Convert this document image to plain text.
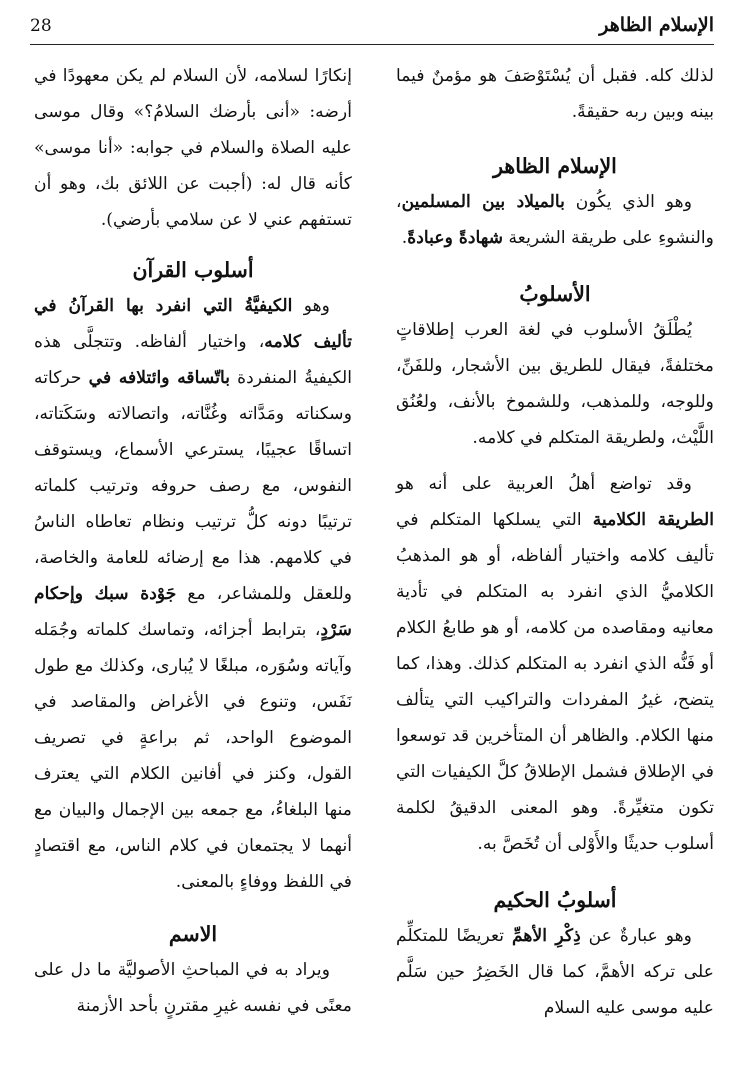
28	الإسلام الظاهر

لذلك كله. فقبل أن يُسْتَوْصَفَ هو مؤمنٌ فيما بينه وبين ربه حقيقةً.

الإسلام الظاهر

وهو الذي يكُون بالميلاد بين المسلمين، والنشوءِ على طريقة الشريعة شهادةً وعبادةً.

الأسلوبُ

يُطْلَقُ الأسلوب في لغة العرب إطلاقاتٍ مختلفةً، فيقال للطريق بين الأشجار، وللفَنِّ، وللوجه، وللمذهب، وللشموخ بالأنف، ولعُنُق اللَّيْث، ولطريقة المتكلم في كلامه.

وقد تواضع أهلُ العربية على أنه هو الطريقة الكلامية التي يسلكها المتكلم في تأليف كلامه واختيار ألفاظه، أو هو المذهبُ الكلاميُّ الذي انفرد به المتكلم في تأدية معانيه ومقاصده من كلامه، أو هو طابعُ الكلام أو فَنُّه الذي انفرد به المتكلم كذلك. وهذا، كما يتضح، غيرُ المفردات والتراكيب التي يتألف منها الكلام. والظاهر أن المتأخرين قد توسعوا في الإطلاق فشمل الإطلاقُ كلَّ الكيفيات التي تكون متغيِّرةً. وهو المعنى الدقيقُ لكلمة أسلوب حديثًا والأَوْلى أن تُخَصَّ به.

أسلوبُ الحكيم

وهو عبارةٌ عن ذِكْرِ الأهمِّ تعريضًا للمتكلِّم على تركه الأهمَّ، كما قال الخَضِرُ حين سَلَّم عليه موسى عليه السلام

إنكارًا لسلامه، لأن السلام لم يكن معهودًا في أرضه: «أنى بأرضك السلامُ؟» وقال موسى عليه الصلاة والسلام في جوابه: «أنا موسى» كأنه قال له: (أجبت عن اللائق بك، وهو أن تستفهم عني لا عن سلامي بأرضي).

أسلوب القرآن

وهو الكيفيَّةُ التي انفرد بها القرآنُ في تأليف كلامه، واختيار ألفاظه. وتتجلَّى هذه الكيفيةُ المنفردة باتّساقه وائتلافه في حركاته وسكناته ومَدَّاته وغُنَّاته، واتصالاته وسَكَتاته، اتساقًا عجيبًا، يسترعي الأسماع، ويستوقف النفوس، مع رصف حروفه وترتيب كلماته ترتيبًا دونه كلُّ ترتيب ونظام تعاطاه الناسُ في كلامهم. هذا مع إرضائه للعامة والخاصة، وللعقل وللمشاعر، مع جَوْدة سبك وإحكام سَرْدٍ، بترابط أجزائه، وتماسك كلماته وجُمَله وآياته وسُوَره، مبلغًا لا يُبارى، وكذلك مع طول نَفَس، وتنوع في الأغراض والمقاصد في الموضوع الواحد، ثم براعةٍ في تصريف القول، وكنز في أفانين الكلام التي يعترف منها البلغاءُ، مع جمعه بين الإجمال والبيان مع أنهما لا يجتمعان في كلام الناس، مع اقتصادٍ في اللفظ ووفاءٍ بالمعنى.

الاسم

ويراد به في المباحثِ الأصوليَّة ما دل على معنًى في نفسه غيرِ مقترنٍ بأحد الأزمنة
